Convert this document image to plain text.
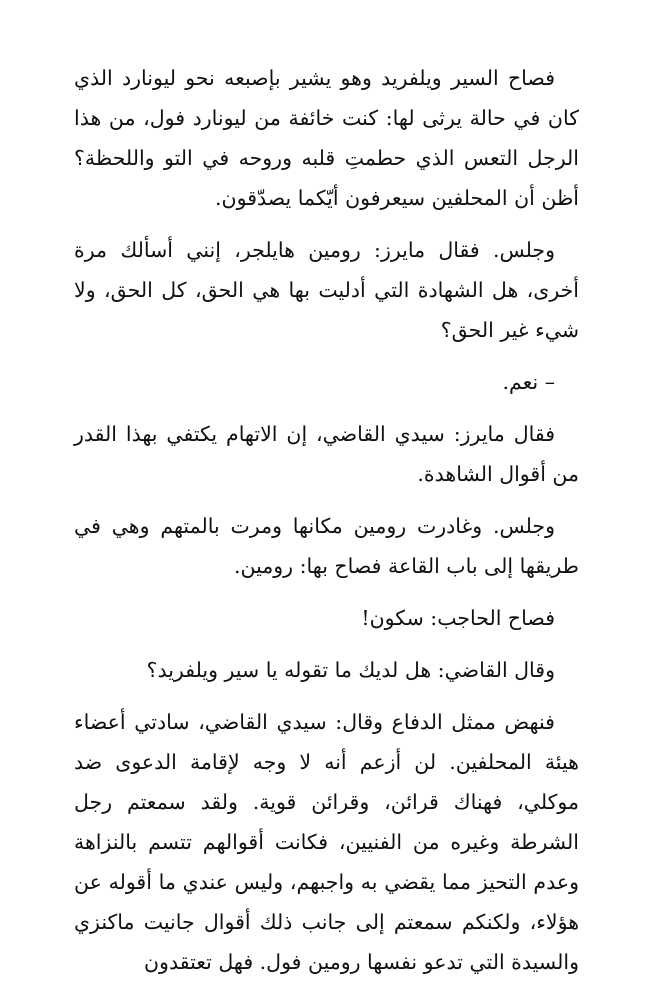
فصاح السير ويلفريد وهو يشير بإصبعه نحو ليونارد الذي كان في حالة يرثى لها: كنت خائفة من ليونارد فول، من هذا الرجل التعس الذي حطمتِ قلبه وروحه في التو واللحظة؟ أظن أن المحلفين سيعرفون أيّكما يصدّقون.

وجلس. فقال مايرز: رومين هايلجر، إنني أسألك مرة أخرى، هل الشهادة التي أدليت بها هي الحق، كل الحق، ولا شيء غير الحق؟

– نعم.

فقال مايرز: سيدي القاضي، إن الاتهام يكتفي بهذا القدر من أقوال الشاهدة.

وجلس. وغادرت رومين مكانها ومرت بالمتهم وهي في طريقها إلى باب القاعة فصاح بها: رومين.

فصاح الحاجب: سكون!

وقال القاضي: هل لديك ما تقوله يا سير ويلفريد؟

فنهض ممثل الدفاع وقال: سيدي القاضي، سادتي أعضاء هيئة المحلفين. لن أزعم أنه لا وجه لإقامة الدعوى ضد موكلي، فهناك قرائن، وقرائن قوية. ولقد سمعتم رجل الشرطة وغيره من الفنيين، فكانت أقوالهم تتسم بالنزاهة وعدم التحيز مما يقضي به واجبهم، وليس عندي ما أقوله عن هؤلاء، ولكنكم سمعتم إلى جانب ذلك أقوال جانيت ماكنزي والسيدة التي تدعو نفسها رومين فول. فهل تعتقدون
